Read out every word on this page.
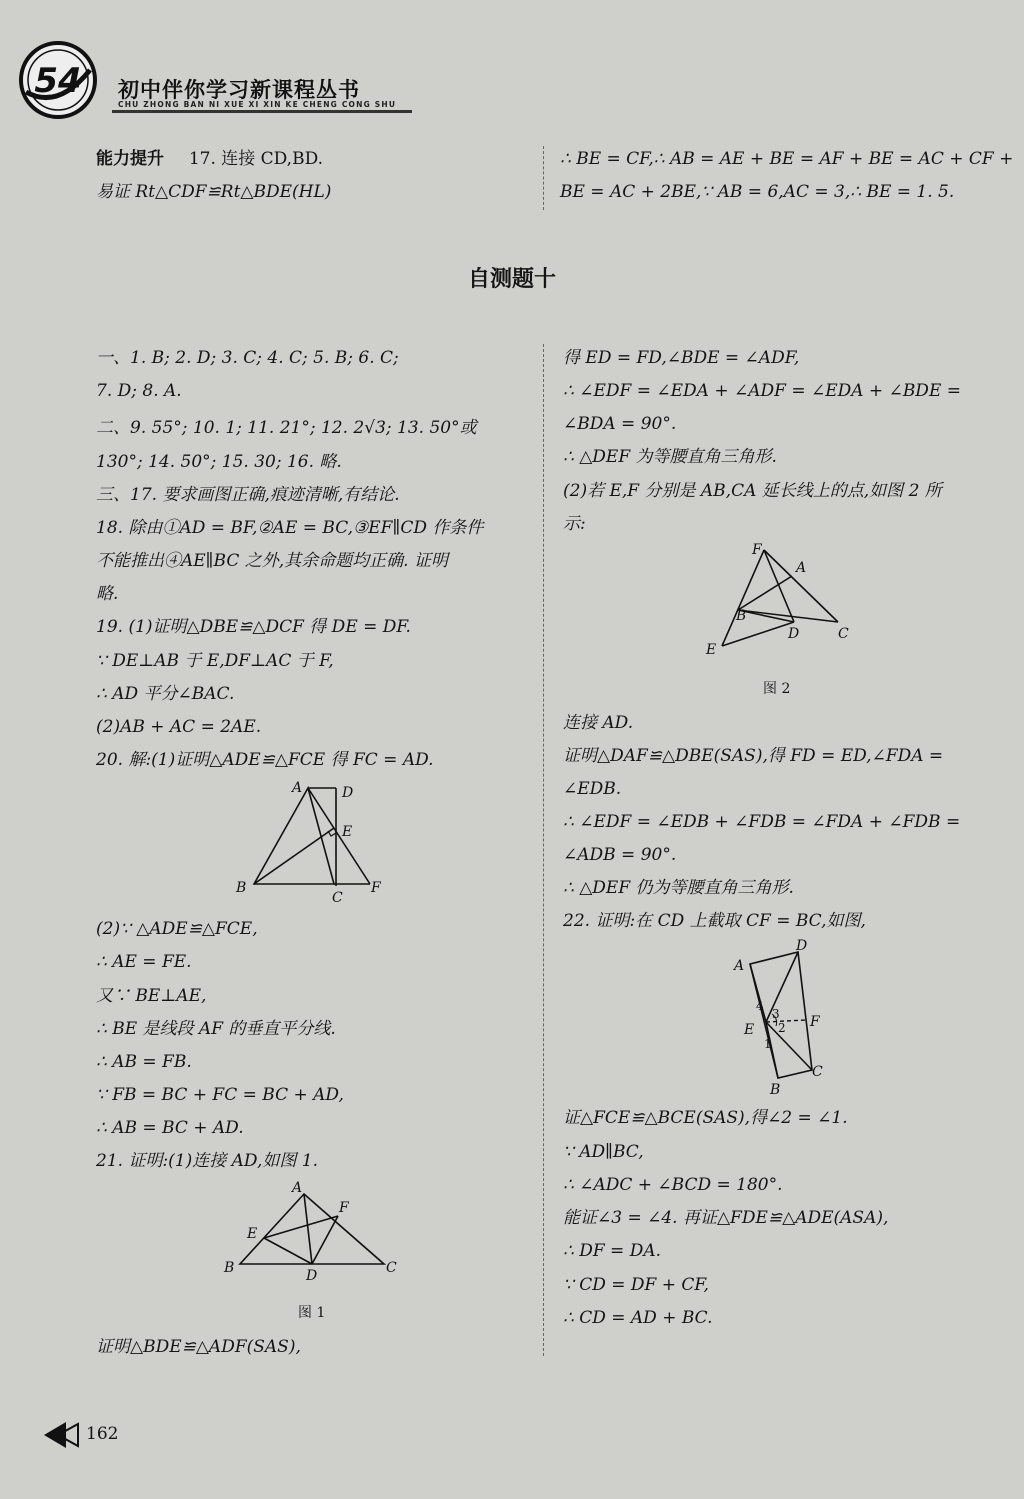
54 初中伴你学习新课程丛书
CHU ZHONG BAN NI XUE XI XIN KE CHENG CONG SHU
能力提升 17. 连接 CD,BD.
易证 Rt△CDF≌Rt△BDE(HL)
∴ BE = CF,∴ AB = AE + BE = AF + BE = AC + CF +
BE = AC + 2BE,∵ AB = 6,AC = 3,∴ BE = 1. 5.
自测题十
一、1. B; 2. D; 3. C; 4. C; 5. B; 6. C;
7. D; 8. A.
二、9. 55°; 10. 1; 11. 21°; 12. 2√3; 13. 50°或
130°; 14. 50°; 15. 30; 16. 略.
三、17. 要求画图正确,痕迹清晰,有结论.
18. 除由①AD = BF,②AE = BC,③EF∥CD 作条件
不能推出④AE∥BC 之外,其余命题均正确. 证明
略.
19. (1)证明△DBE≌△DCF 得 DE = DF.
∵ DE⊥AB 于 E,DF⊥AC 于 F,
∴ AD 平分∠BAC.
(2)AB + AC = 2AE.
20. 解:(1)证明△ADE≌△FCE 得 FC = AD.
A	D
E
B
C
F
(2)∵ △ADE≌△FCE,
∴ AE = FE.
又∵ BE⊥AE,
∴ BE 是线段 AF 的垂直平分线.
∴ AB = FB.
∵ FB = BC + FC = BC + AD,
∴ AB = BC + AD.
21. 证明:(1)连接 AD,如图 1.
A
F
E
B	D	C
图 1
证明△BDE≌△ADF(SAS),
得 ED = FD,∠BDE = ∠ADF,
∴ ∠EDF = ∠EDA + ∠ADF = ∠EDA + ∠BDE =
∠BDA = 90°.
∴ △DEF 为等腰直角三角形.
(2)若 E,F 分别是 AB,CA 延长线上的点,如图 2 所
示:
F
A
B
D	C
E
图 2
连接 AD.
证明△DAF≌△DBE(SAS),得 FD = ED,∠FDA =
∠EDB.
∴ ∠EDF = ∠EDB + ∠FDB = ∠FDA + ∠FDB =
∠ADB = 90°.
∴ △DEF 仍为等腰直角三角形.
22. 证明:在 CD 上截取 CF = BC,如图,
D
A
4
3
2
E	F
1
B
C
证△FCE≌△BCE(SAS),得∠2 = ∠1.
∵ AD∥BC,
∴ ∠ADC + ∠BCD = 180°.
能证∠3 = ∠4. 再证△FDE≌△ADE(ASA),
∴ DF = DA.
∵ CD = DF + CF,
∴ CD = AD + BC.
162
